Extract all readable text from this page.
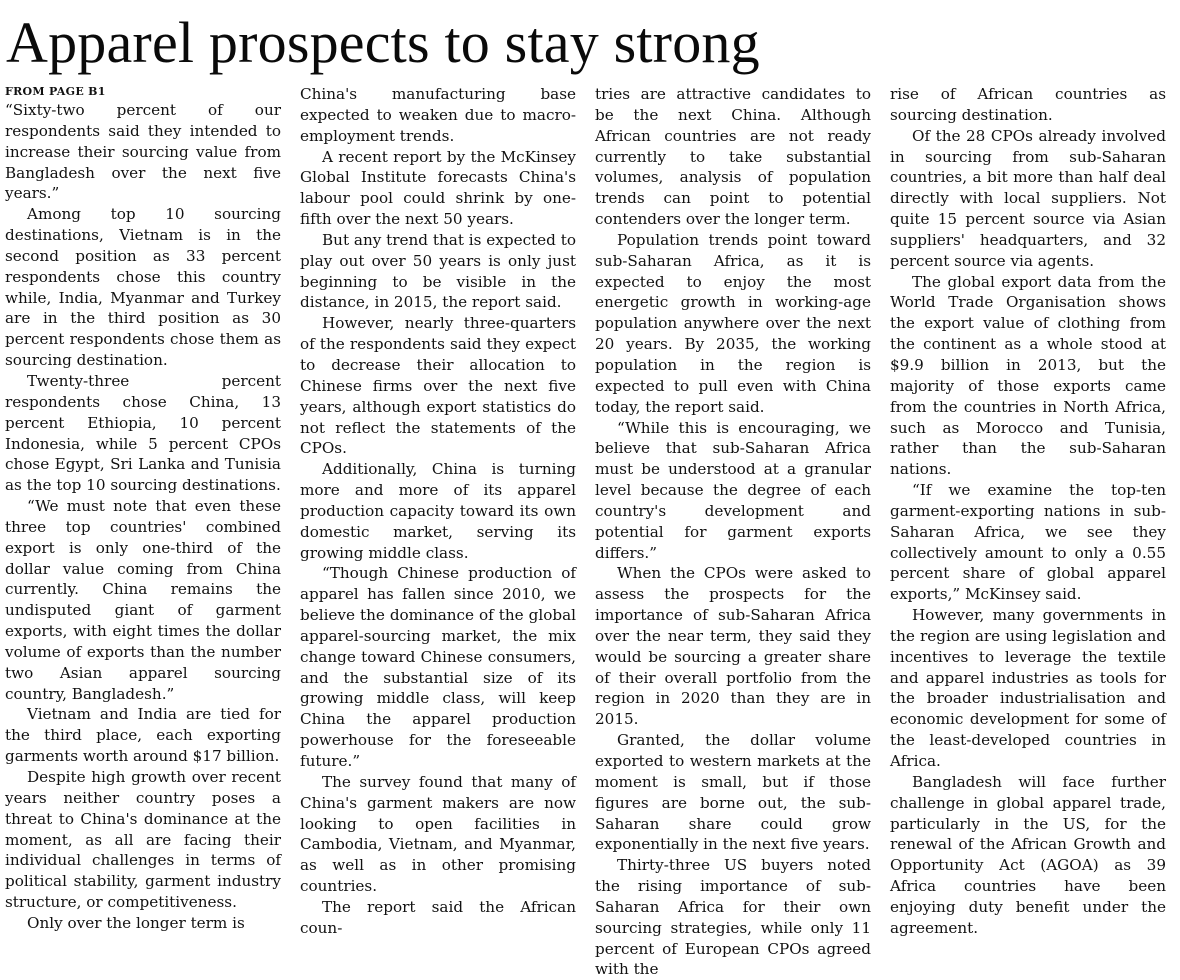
Apparel prospects to stay strong
FROM PAGE B1

“Sixty-two percent of our respondents said they intended to increase their sourcing value from Bangladesh over the next five years.”

Among top 10 sourcing destinations, Vietnam is in the second position as 33 percent respondents chose this country while, India, Myanmar and Turkey are in the third position as 30 percent respondents chose them as sourcing destination.

Twenty-three percent respondents chose China, 13 percent Ethiopia, 10 percent Indonesia, while 5 percent CPOs chose Egypt, Sri Lanka and Tunisia as the top 10 sourcing destinations.

“We must note that even these three top countries' combined export is only one-third of the dollar value coming from China currently. China remains the undisputed giant of garment exports, with eight times the dollar volume of exports than the number two Asian apparel sourcing country, Bangladesh.”

Vietnam and India are tied for the third place, each exporting garments worth around $17 billion.

Despite high growth over recent years neither country poses a threat to China's dominance at the moment, as all are facing their individual challenges in terms of political stability, garment industry structure, or competitiveness.

Only over the longer term is

China's manufacturing base expected to weaken due to macro-employment trends.

A recent report by the McKinsey Global Institute forecasts China's labour pool could shrink by one-fifth over the next 50 years.

But any trend that is expected to play out over 50 years is only just beginning to be visible in the distance, in 2015, the report said.

However, nearly three-quarters of the respondents said they expect to decrease their allocation to Chinese firms over the next five years, although export statistics do not reflect the statements of the CPOs.

Additionally, China is turning more and more of its apparel production capacity toward its own domestic market, serving its growing middle class.

“Though Chinese production of apparel has fallen since 2010, we believe the dominance of the global apparel-sourcing market, the mix change toward Chinese consumers, and the substantial size of its growing middle class, will keep China the apparel production powerhouse for the foreseeable future.”

The survey found that many of China's garment makers are now looking to open facilities in Cambodia, Vietnam, and Myanmar, as well as in other promising countries.

The report said the African coun-

tries are attractive candidates to be the next China. Although African countries are not ready currently to take substantial volumes, analysis of population trends can point to potential contenders over the longer term.

Population trends point toward sub-Saharan Africa, as it is expected to enjoy the most energetic growth in working-age population anywhere over the next 20 years. By 2035, the working population in the region is expected to pull even with China today, the report said.

“While this is encouraging, we believe that sub-Saharan Africa must be understood at a granular level because the degree of each country's development and potential for garment exports differs.”

When the CPOs were asked to assess the prospects for the importance of sub-Saharan Africa over the near term, they said they would be sourcing a greater share of their overall portfolio from the region in 2020 than they are in 2015.

Granted, the dollar volume exported to western markets at the moment is small, but if those figures are borne out, the sub-Saharan share could grow exponentially in the next five years.

Thirty-three US buyers noted the rising importance of sub-Saharan Africa for their own sourcing strategies, while only 11 percent of European CPOs agreed with the

rise of African countries as sourcing destination.

Of the 28 CPOs already involved in sourcing from sub-Saharan countries, a bit more than half deal directly with local suppliers. Not quite 15 percent source via Asian suppliers' headquarters, and 32 percent source via agents.

The global export data from the World Trade Organisation shows the export value of clothing from the continent as a whole stood at $9.9 billion in 2013, but the majority of those exports came from the countries in North Africa, such as Morocco and Tunisia, rather than the sub-Saharan nations.

“If we examine the top-ten garment-exporting nations in sub-Saharan Africa, we see they collectively amount to only a 0.55 percent share of global apparel exports,” McKinsey said.

However, many governments in the region are using legislation and incentives to leverage the textile and apparel industries as tools for the broader industrialisation and economic development for some of the least-developed countries in Africa.

Bangladesh will face further challenge in global apparel trade, particularly in the US, for the renewal of the African Growth and Opportunity Act (AGOA) as 39 Africa countries have been enjoying duty benefit under the agreement.
